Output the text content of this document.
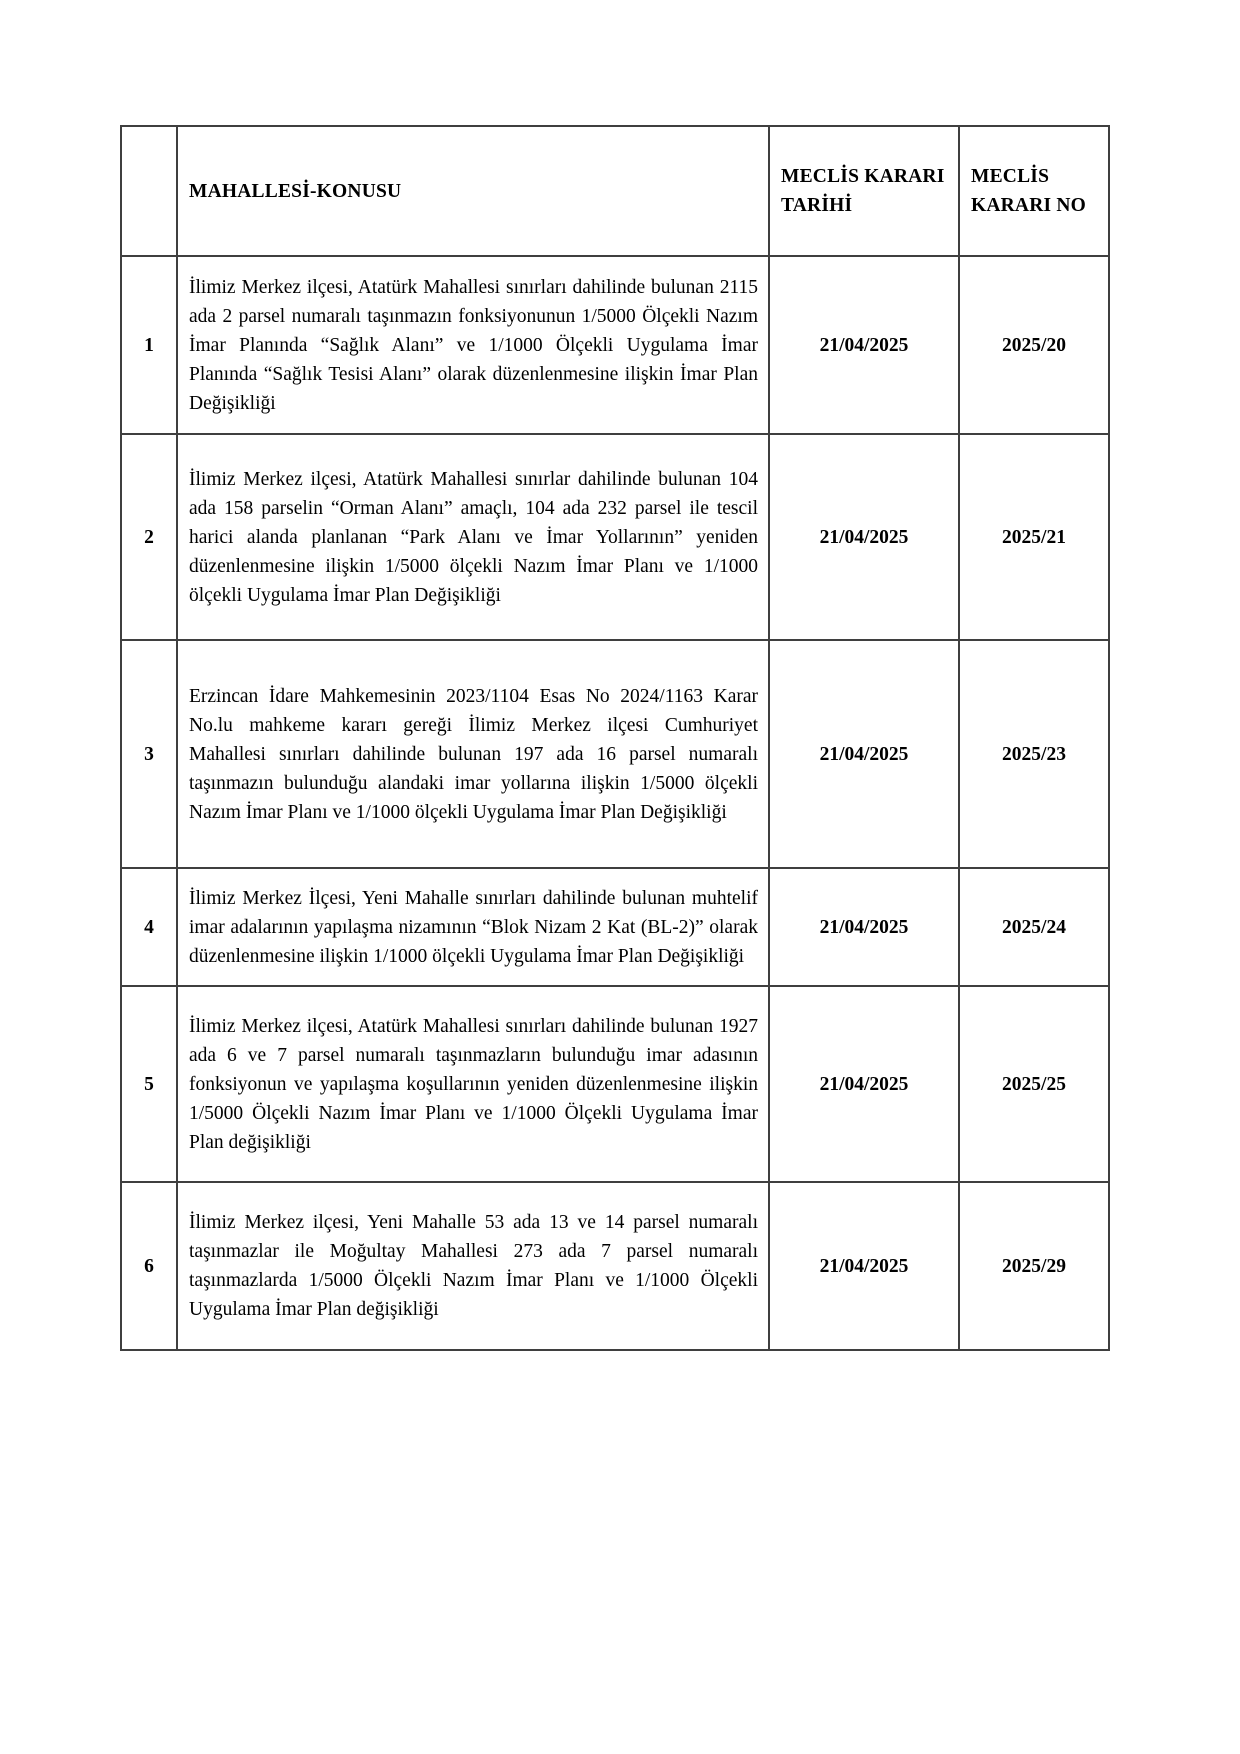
	MAHALLESİ-KONUSU	MECLİS KARARI TARİHİ	MECLİS KARARI NO
1	İlimiz Merkez ilçesi, Atatürk Mahallesi sınırları dahilinde bulunan 2115 ada 2 parsel numaralı taşınmazın fonksiyonunun 1/5000 Ölçekli Nazım İmar Planında “Sağlık Alanı” ve 1/1000 Ölçekli Uygulama İmar Planında “Sağlık Tesisi Alanı” olarak düzenlenmesine ilişkin İmar Plan Değişikliği	21/04/2025	2025/20
2	İlimiz Merkez ilçesi, Atatürk Mahallesi sınırlar dahilinde bulunan 104 ada 158 parselin “Orman Alanı” amaçlı, 104 ada 232 parsel ile tescil harici alanda planlanan “Park Alanı ve İmar Yollarının” yeniden düzenlenmesine ilişkin 1/5000 ölçekli Nazım İmar Planı ve 1/1000 ölçekli Uygulama İmar Plan Değişikliği	21/04/2025	2025/21
3	Erzincan İdare Mahkemesinin 2023/1104 Esas No 2024/1163 Karar No.lu mahkeme kararı gereği İlimiz Merkez ilçesi Cumhuriyet Mahallesi sınırları dahilinde bulunan 197 ada 16 parsel numaralı taşınmazın bulunduğu alandaki imar yollarına ilişkin 1/5000 ölçekli Nazım İmar Planı ve 1/1000 ölçekli Uygulama İmar Plan Değişikliği	21/04/2025	2025/23
4	İlimiz Merkez İlçesi, Yeni Mahalle sınırları dahilinde bulunan muhtelif imar adalarının yapılaşma nizamının “Blok Nizam 2 Kat (BL-2)” olarak düzenlenmesine ilişkin 1/1000 ölçekli Uygulama İmar Plan Değişikliği	21/04/2025	2025/24
5	İlimiz Merkez ilçesi, Atatürk Mahallesi sınırları dahilinde bulunan 1927 ada 6 ve 7 parsel numaralı taşınmazların bulunduğu imar adasının fonksiyonun ve yapılaşma koşullarının yeniden düzenlenmesine ilişkin 1/5000 Ölçekli Nazım İmar Planı ve 1/1000 Ölçekli Uygulama İmar Plan değişikliği	21/04/2025	2025/25
6	İlimiz Merkez ilçesi, Yeni Mahalle 53 ada 13 ve 14 parsel numaralı taşınmazlar ile Moğultay Mahallesi 273 ada 7 parsel numaralı taşınmazlarda 1/5000 Ölçekli Nazım İmar Planı ve 1/1000 Ölçekli Uygulama İmar Plan değişikliği	21/04/2025	2025/29
